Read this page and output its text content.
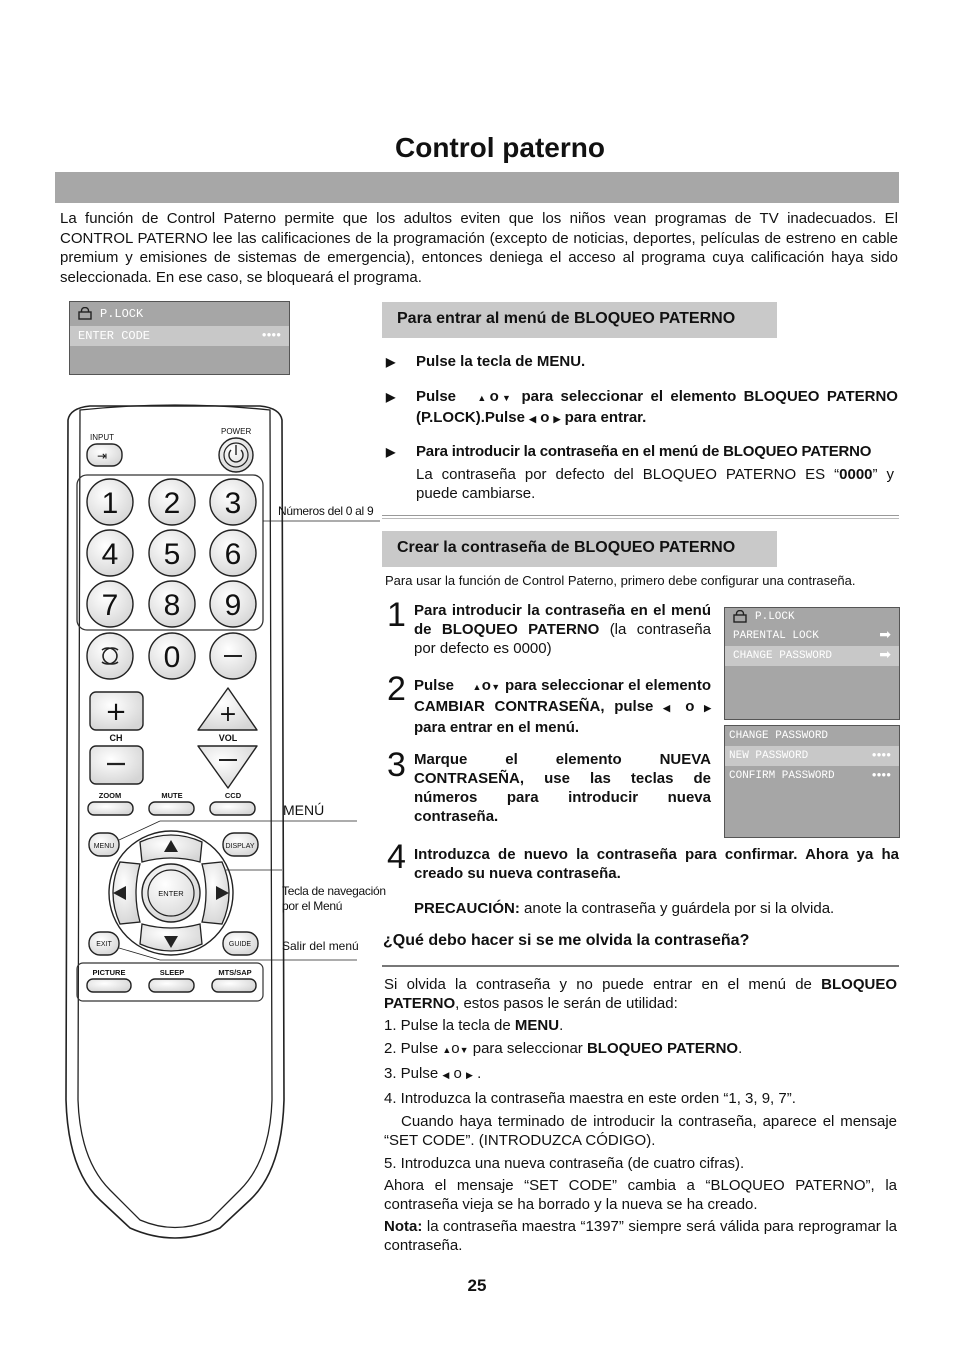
Control paterno
La función de Control Paterno permite que los adultos eviten que los niños vean programas de TV inadecuados. El CONTROL PATERNO lee las calificaciones de la programación (excepto de noticias, deportes, películas de estreno en cable premium y emisiones de sistemas de emergencia), entonces deniega el acceso al programa cuya calificación haya sido seleccionada. En ese caso, se bloqueará el programa.
P.LOCK
ENTER CODE	●●●●
Para entrar al menú de BLOQUEO PATERNO
▶ Pulse la tecla de MENU.
▶ Pulse ▲o▼ para seleccionar el elemento BLOQUEO PATERNO (P.LOCK).Pulse ◀ o ▶ para entrar.
▶ Para introducir la contraseña en el menú de BLOQUEO PATERNO
La contraseña por defecto del BLOQUEO PATERNO ES “0000” y puede cambiarse.
Crear la contraseña de BLOQUEO PATERNO
Para usar la función de Control Paterno, primero debe configurar una contraseña.
1 Para introducir la contraseña en el menú de BLOQUEO PATERNO (la contraseña por defecto es 0000)
2 Pulse ▲o▼ para seleccionar el elemento CAMBIAR CONTRASEÑA, pulse ◀ o ▶ para entrar en el menú.
3 Marque el elemento NUEVA CONTRASEÑA, use las teclas de números para introducir nueva contraseña.
4 Introduzca de nuevo la contraseña para confirmar. Ahora ya ha creado su nueva contraseña.
PRECAUCIÓN: anote la contraseña y guárdela por si la olvida.
P.LOCK
PARENTAL LOCK	➡
CHANGE PASSWORD	➡
CHANGE PASSWORD
NEW PASSWORD	●●●●
CONFIRM PASSWORD	●●●●
¿Qué debo hacer si se me olvida la contraseña?
Si olvida la contraseña y no puede entrar en el menú de BLOQUEO PATERNO, estos pasos le serán de utilidad:
1. Pulse la tecla de MENU.
2. Pulse ▲o▼ para seleccionar BLOQUEO PATERNO.
3. Pulse ◀ o ▶ .
4. Introduzca la contraseña maestra en este orden “1, 3, 9, 7”.
Cuando haya terminado de introducir la contraseña, aparece el mensaje “SET CODE”. (INTRODUZCA CÓDIGO).
5. Introduzca una nueva contraseña (de cuatro cifras).
Ahora el mensaje “SET CODE” cambia a “BLOQUEO PATERNO”, la contraseña vieja se ha borrado y la nueva se ha creado.
Nota: la contraseña maestra “1397” siempre será válida para reprogramar la contraseña.
25
INPUT
⇥
POWER
1 2 3
4 5 6
7 8 9
0
+
CH
+
VOL
ZOOM	MUTE	CCD
MENU	DISPLAY
ENTER
EXIT	GUIDE
PICTURE	SLEEP	MTS/SAP
Números del 0 al 9
MENÚ
Tecla de navegación por el Menú
Salir del menú
